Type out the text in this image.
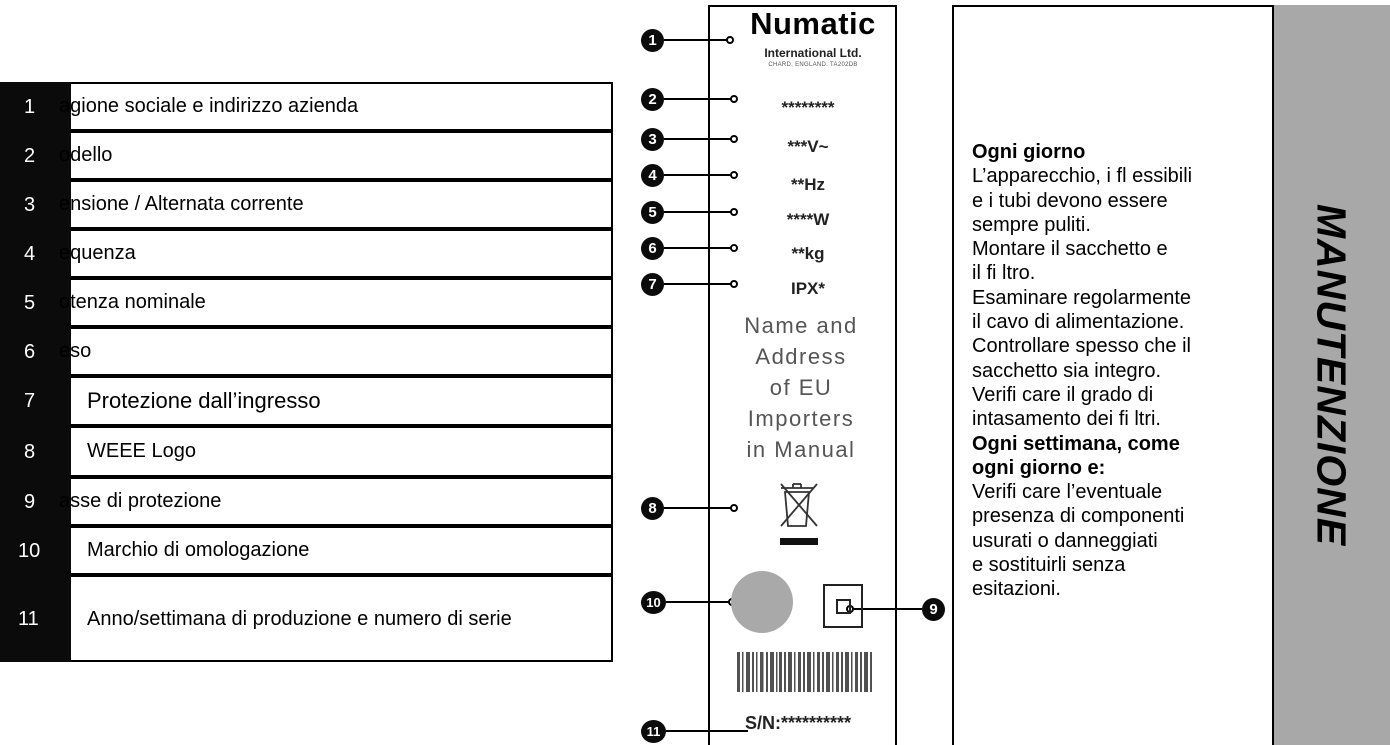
1	agione sociale e indirizzo azienda
2	odello
3	ensione / Alternata corrente
4	equenza
5	otenza nominale
6	eso
7	Protezione dall’ingresso
8	WEEE Logo
9	asse di protezione
10	Marchio di omologazione
11	Anno/settimana di produzione e numero di serie
Numatic
International Ltd.
CHARD, ENGLAND. TA202DB
********
***V~
**Hz
****W
**kg
IPX*
Name and
Address
of EU
Importers
in Manual
S/N:**********
1
2
3
4
5
6
7
8
9
10
11
MANUTENZIONE
Ogni giorno
L’apparecchio, i fl essibili
e i tubi devono essere
sempre puliti.
Montare il sacchetto e
il fi ltro.
Esaminare regolarmente
il cavo di alimentazione.
Controllare spesso che il
sacchetto sia integro.
Verifi care il grado di
intasamento dei fi ltri.
Ogni settimana, come
ogni giorno e:
Verifi care l’eventuale
presenza di componenti
usurati o danneggiati
e sostituirli senza
esitazioni.
